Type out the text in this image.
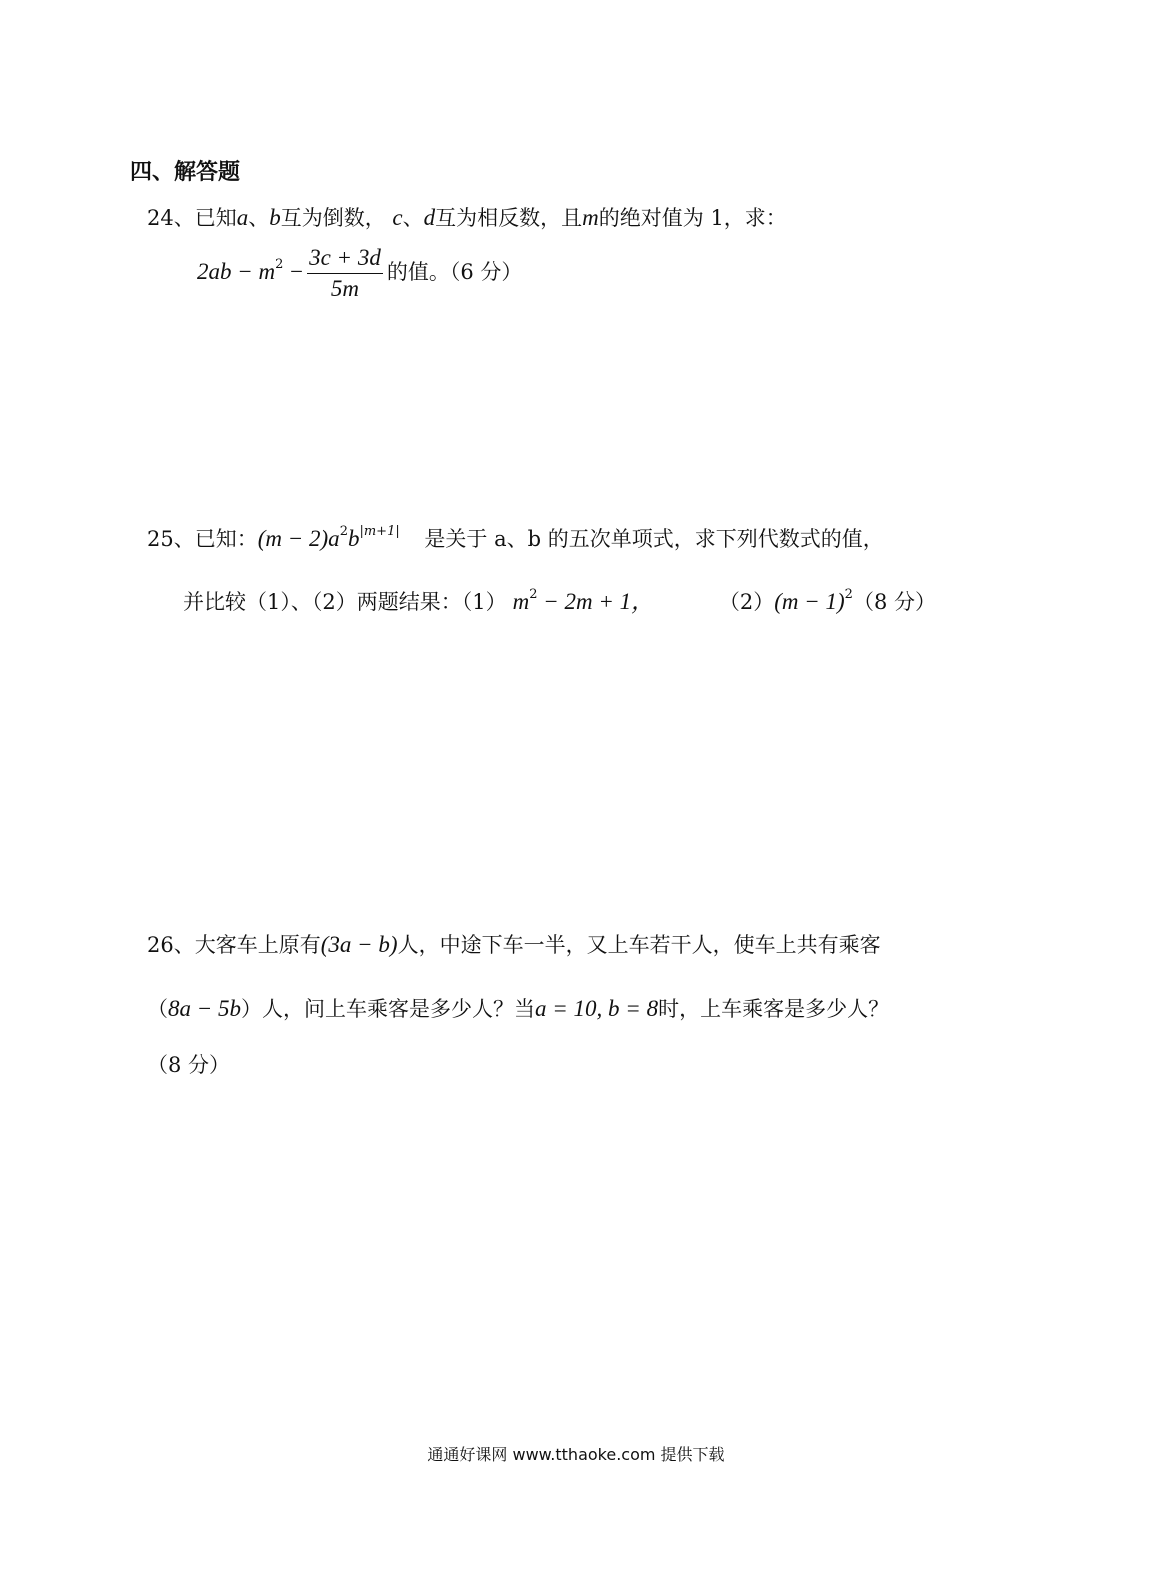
四、解答题
24、已知a、b互为倒数， c、d互为相反数，且m的绝对值为 1，求：
$2ab - m^2 - \frac{3c + 3d}{5m}$ 的值。（6 分）
25、已知：$(m - 2)a^2b^{|m+1|}$ 是关于 a、b 的五次单项式，求下列代数式的值，
并比较（1）、（2）两题结果：（1） $m^2 - 2m + 1$，	$(2)(m - 1)^2(8$ 分）
26、大客车上原有(3a − b)人，中途下车一半，又上车若干人，使车上共有乘客
（8a − 5b）人，问上车乘客是多少人？当a = 10, b = 8时，上车乘客是多少人？
（8 分）
通通好课网 www.tthaoke.com 提供下载
